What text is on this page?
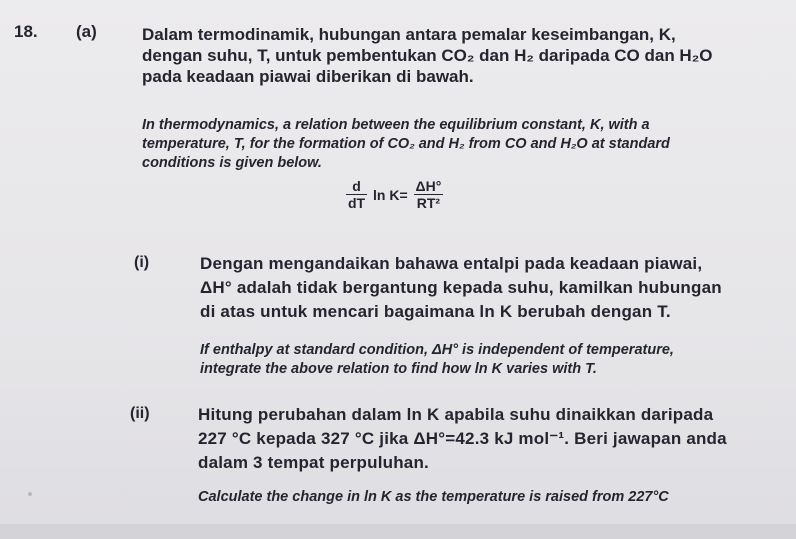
18. (a)	Dalam termodinamik, hubungan antara pemalar keseimbangan, K,
dengan suhu, T, untuk pembentukan CO₂ dan H₂ daripada CO dan H₂O
pada keadaan piawai diberikan di bawah.
In thermodynamics, a relation between the equilibrium constant, K, with a
temperature, T, for the formation of CO₂ and H₂ from CO and H₂O at standard
conditions is given below.
$\frac{d}{dT}$ $\ln K= \frac{\Delta H^\circ}{\text{RT²}}$
(i)	Dengan mengandaikan bahawa entalpi pada keadaan piawai,
ΔH° adalah tidak bergantung kepada suhu, kamilkan hubungan
di atas untuk mencari bagaimana ln K berubah dengan T.
If enthalpy at standard condition, ΔH° is independent of temperature,
integrate the above relation to find how ln K varies with T.
(ii)	Hitung perubahan dalam ln K apabila suhu dinaikkan daripada
227 °C kepada 327 °C jika ΔH°=42.3 kJ mol⁻¹. Beri jawapan anda
dalam 3 tempat perpuluhan.
Calculate the change in ln K as the temperature is raised from 227°C
